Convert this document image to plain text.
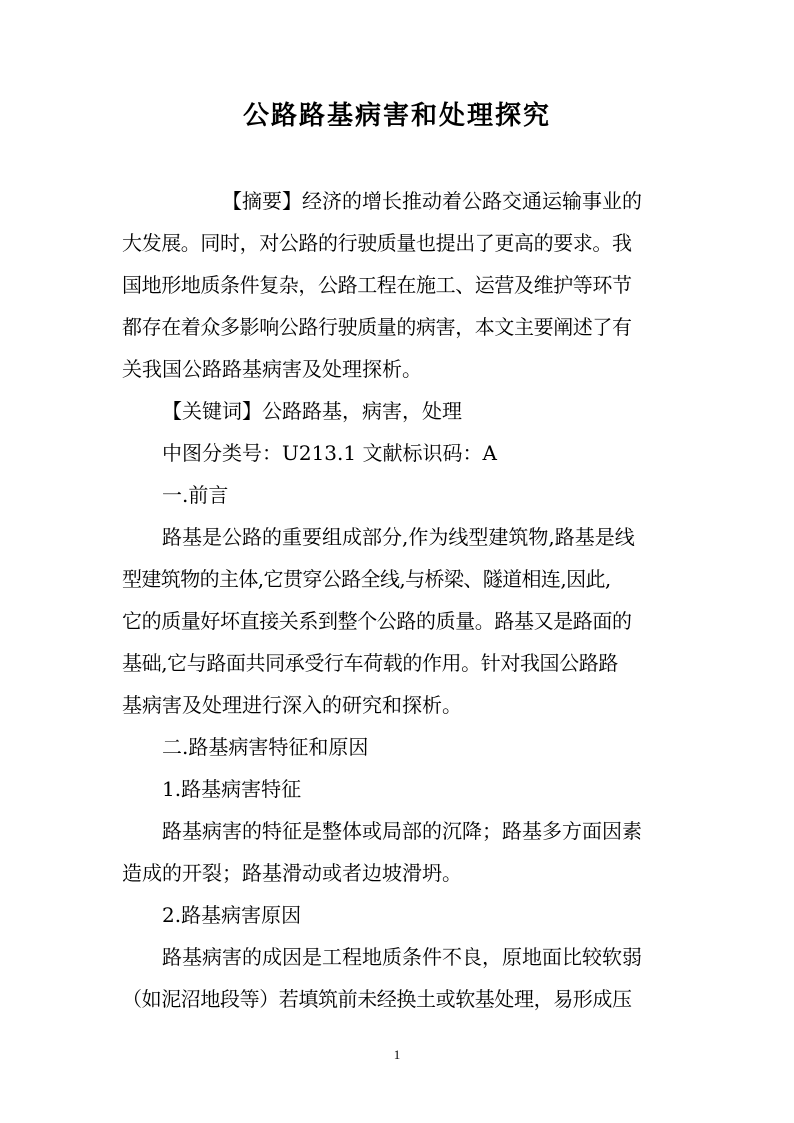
公路路基病害和处理探究

【摘要】经济的增长推动着公路交通运输事业的

大发展。同时，对公路的行驶质量也提出了更高的要求。我

国地形地质条件复杂，公路工程在施工、运营及维护等环节

都存在着众多影响公路行驶质量的病害，本文主要阐述了有

关我国公路路基病害及处理探析。

【关键词】公路路基，病害，处理

中图分类号：U213.1 文献标识码：A

一.前言

路基是公路的重要组成部分,作为线型建筑物,路基是线

型建筑物的主体,它贯穿公路全线,与桥梁、隧道相连,因此,

它的质量好坏直接关系到整个公路的质量。路基又是路面的

基础,它与路面共同承受行车荷载的作用。针对我国公路路

基病害及处理进行深入的研究和探析。

二.路基病害特征和原因

1.路基病害特征

路基病害的特征是整体或局部的沉降；路基多方面因素

造成的开裂；路基滑动或者边坡滑坍。

2.路基病害原因

路基病害的成因是工程地质条件不良，原地面比较软弱

（如泥沼地段等）若填筑前未经换土或软基处理，易形成压

1
